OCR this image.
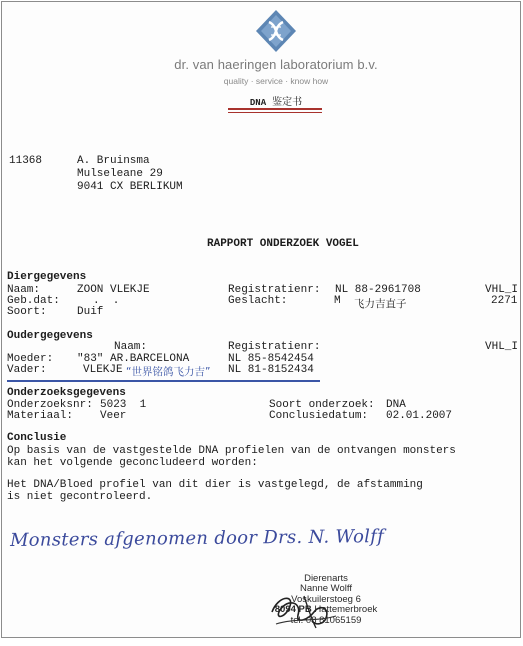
dr. van haeringen laboratorium b.v.
quality · service · know how
DNA 鉴定书
11368	A. Bruinsma
Mulseleane 29
9041 CX BERLIKUM
RAPPORT ONDERZOEK VOGEL
Diergegevens
Naam:	ZOON VLEKJE	Registratienr: NL 88-2961708	VHL_I
Geb.dat:	.  .	Geslacht:	M 飞力吉直子	2271
Soort:	Duif
Oudergegevens
Naam:	Registratienr:	VHL_I
Moeder: "83" AR.BARCELONA	NL 85-8542454
Vader:	VLEKJE “世界铭鸽飞力吉” NL 81-8152434
Onderzoeksgegevens
Onderzoeksnr: 5023  1	Soort onderzoek: DNA
Materiaal: Veer	Conclusiedatum: 02.01.2007
Conclusie
Op basis van de vastgestelde DNA profielen van de ontvangen monsters
kan het volgende geconcludeerd worden:
Het DNA/Bloed profiel van dit dier is vastgelegd, de afstamming
is niet gecontroleerd.
Monsters afgenomen door Drs. N. Wolff
Dierenarts
Nanne Wolff
Voskuilerstoeg 6
8094 PB Hattemerbroek
tel. 08 81065159
